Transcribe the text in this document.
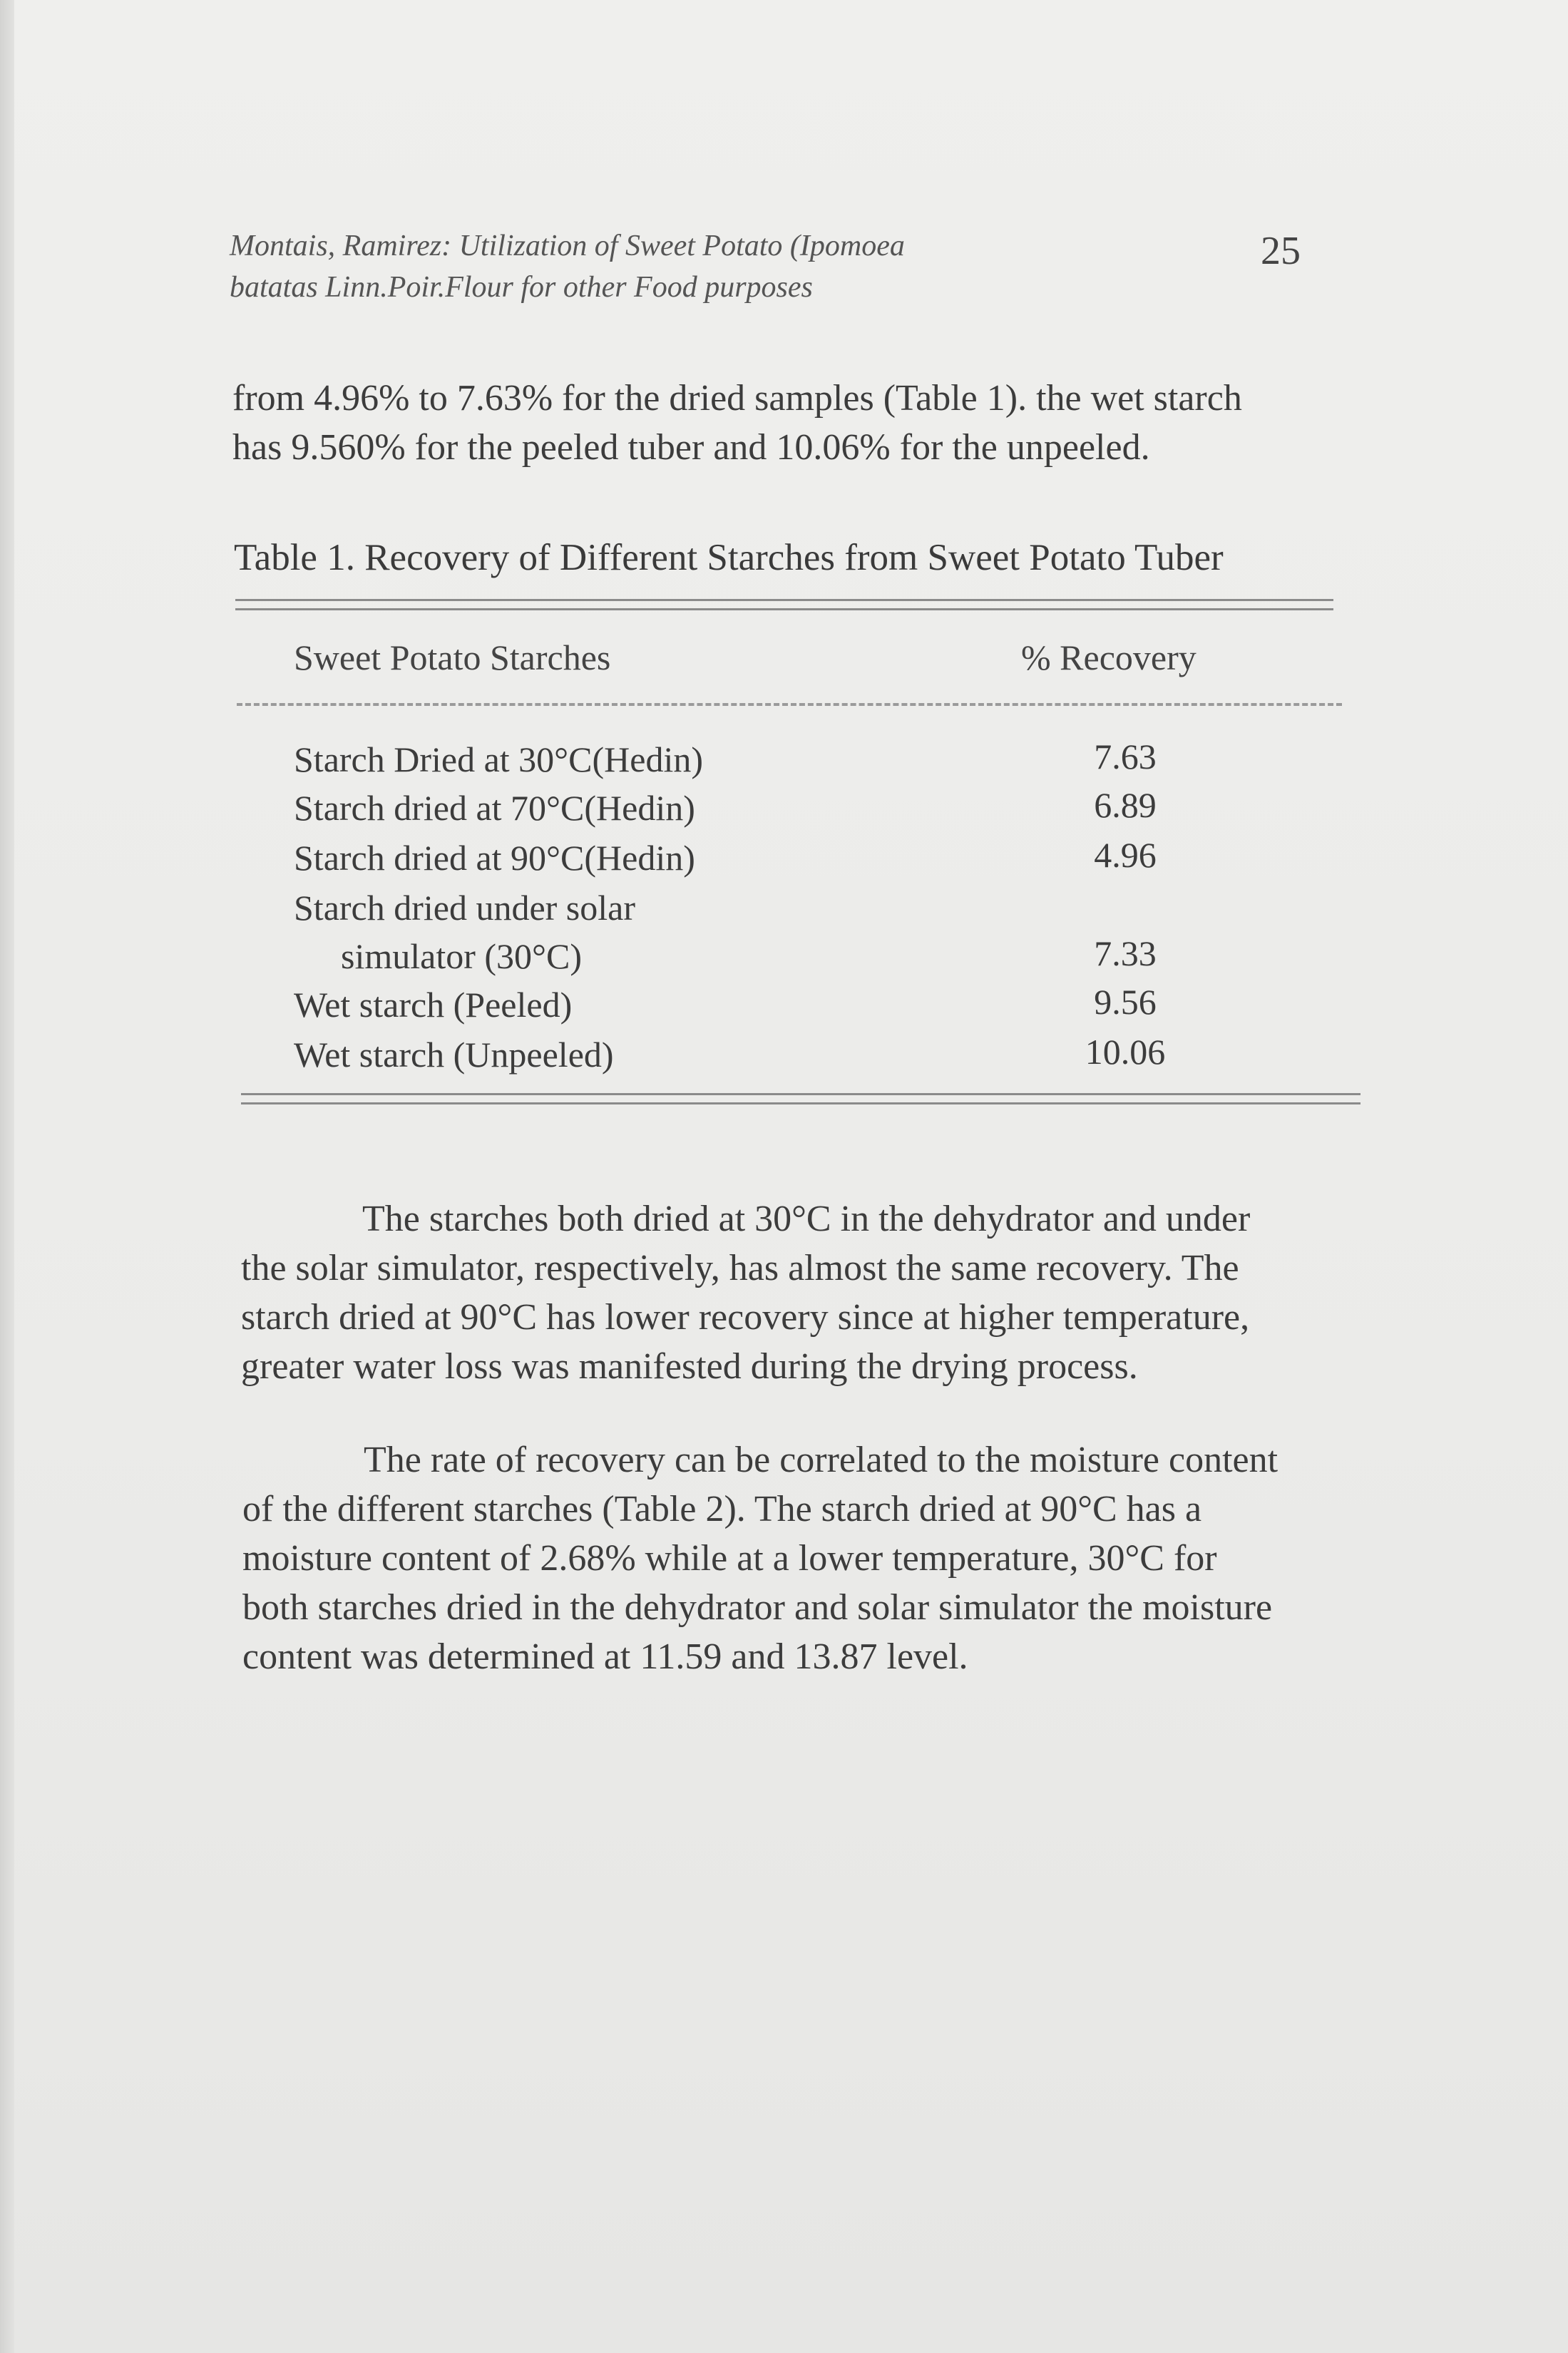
Montais, Ramirez: Utilization of Sweet Potato (Ipomoea
batatas Linn.Poir.Flour for other Food purposes
25
from 4.96% to 7.63% for the dried samples (Table 1). the wet starch
has 9.560% for the peeled tuber and 10.06% for the unpeeled.
Table 1. Recovery of Different Starches from Sweet Potato Tuber
Sweet Potato Starches	% Recovery
Starch Dried at 30°C(Hedin)	7.63
Starch dried at 70°C(Hedin)	6.89
Starch dried at 90°C(Hedin)	4.96
Starch dried under solar
simulator (30°C)	7.33
Wet starch (Peeled)	9.56
Wet starch (Unpeeled)	10.06
The starches both dried at 30°C in the dehydrator and under
the solar simulator, respectively, has almost the same recovery. The
starch dried at 90°C has lower recovery since at higher temperature,
greater water loss was manifested during the drying process.
The rate of recovery can be correlated to the moisture content
of the different starches (Table 2). The starch dried at 90°C has a
moisture content of 2.68% while at a lower temperature, 30°C for
both starches dried in the dehydrator and solar simulator the moisture
content was determined at 11.59 and 13.87 level.
